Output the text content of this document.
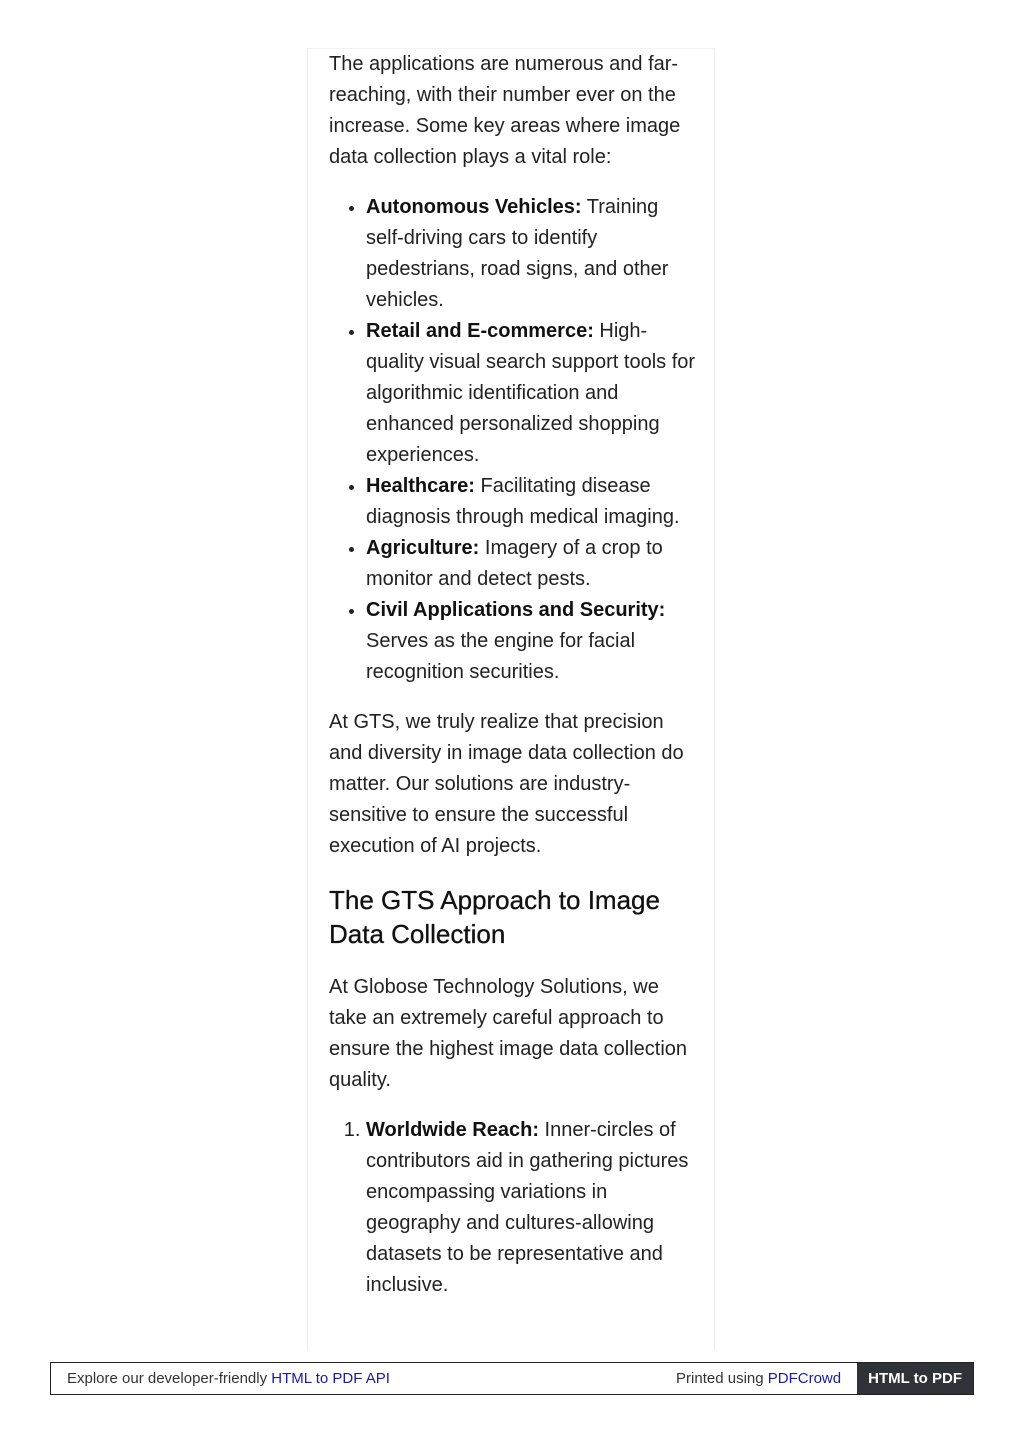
The applications are numerous and far-reaching, with their number ever on the increase. Some key areas where image data collection plays a vital role:

• Autonomous Vehicles: Training self-driving cars to identify pedestrians, road signs, and other vehicles.
• Retail and E-commerce: High-quality visual search support tools for algorithmic identification and enhanced personalized shopping experiences.
• Healthcare: Facilitating disease diagnosis through medical imaging.
• Agriculture: Imagery of a crop to monitor and detect pests.
• Civil Applications and Security: Serves as the engine for facial recognition securities.

At GTS, we truly realize that precision and diversity in image data collection do matter. Our solutions are industry-sensitive to ensure the successful execution of AI projects.

The GTS Approach to Image Data Collection

At Globose Technology Solutions, we take an extremely careful approach to ensure the highest image data collection quality.

1. Worldwide Reach: Inner-circles of contributors aid in gathering pictures encompassing variations in geography and cultures-allowing datasets to be representative and inclusive.
Explore our developer-friendly HTML to PDF API	Printed using PDFCrowd	HTML to PDF
